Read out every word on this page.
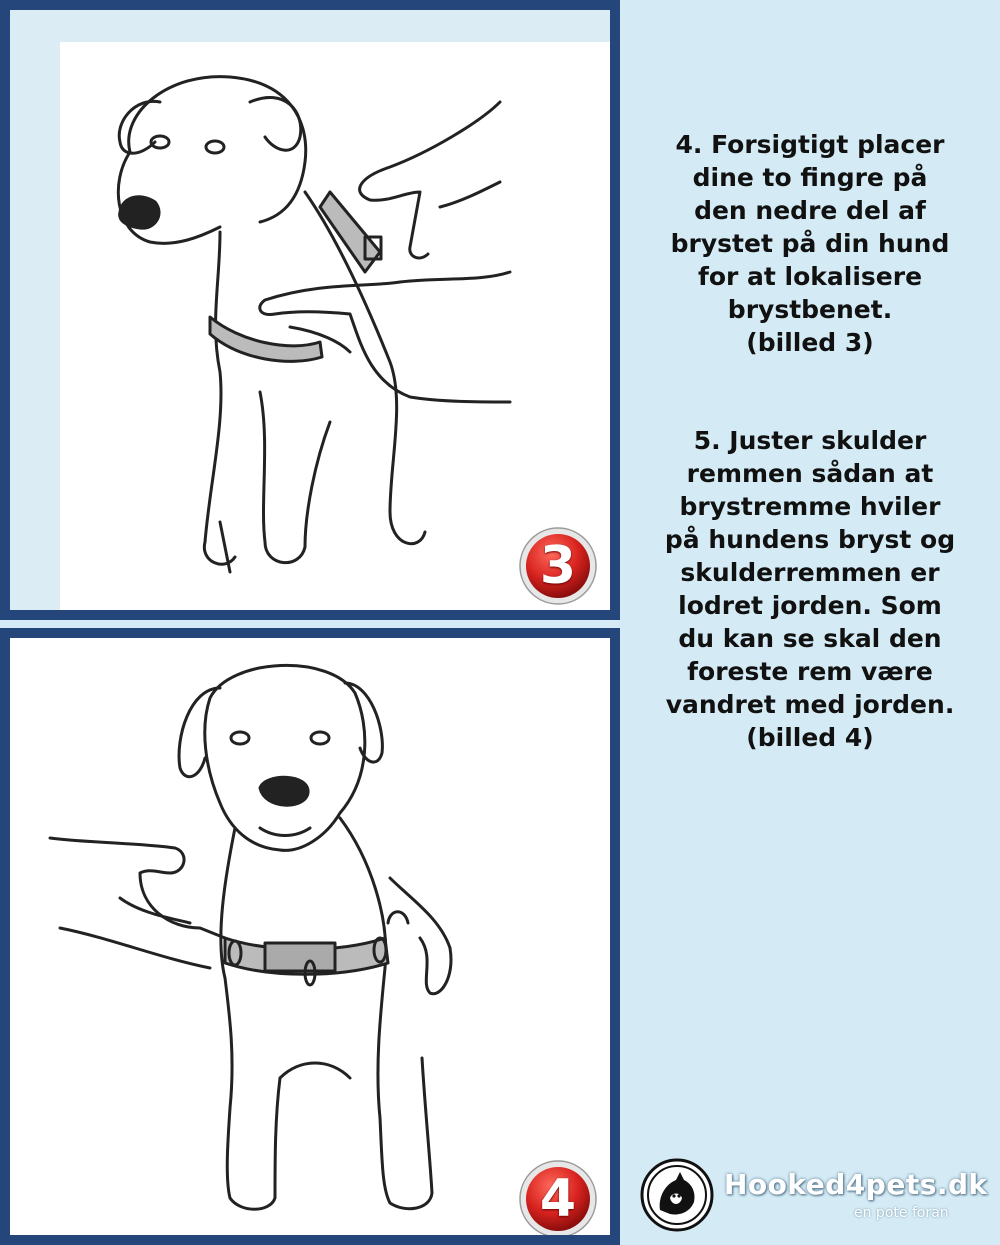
3
4
4. Forsigtigt placer
dine to fingre på
den nedre del af
brystet på din hund
for at lokalisere
brystbenet.
(billed 3)
5. Juster skulder
remmen sådan at
brystremme hviler
på hundens bryst og
skulderremmen er
lodret jorden. Som
du kan se skal den
foreste rem være
vandret med jorden.
(billed 4)
Hooked4pets.dk
en pote foran
